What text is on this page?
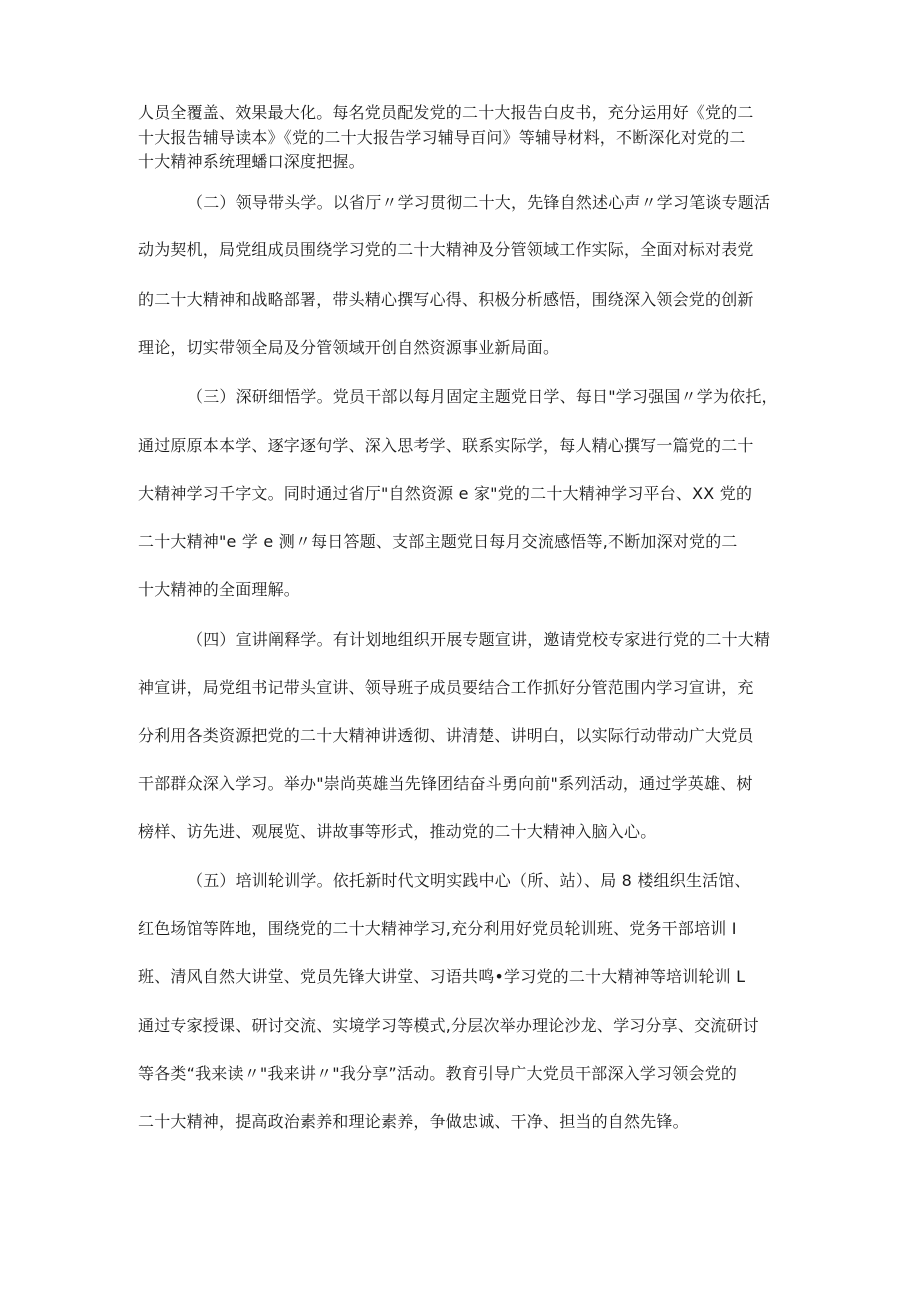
人员全覆盖、效果最大化。每名党员配发党的二十大报告白皮书，充分运用好《党的二
十大报告辅导读本》《党的二十大报告学习辅导百问》等辅导材料，不断深化对党的二
十大精神系统理蟠口深度把握。
（二）领导带头学。以省厅〃学习贯彻二十大，先锋自然述心声〃学习笔谈专题活
动为契机，局党组成员围绕学习党的二十大精神及分管领域工作实际，全面对标对表党
的二十大精神和战略部署，带头精心撰写心得、积极分析感悟，围绕深入领会党的创新
理论，切实带领全局及分管领域开创自然资源事业新局面。
（三）深研细悟学。党员干部以每月固定主题党日学、每日"学习强国〃学为依托，
通过原原本本学、逐字逐句学、深入思考学、联系实际学，每人精心撰写一篇党的二十
大精神学习千字文。同时通过省厅"自然资源 e 家"党的二十大精神学习平台、XX 党的
二十大精神"e 学 e 测〃每日答题、支部主题党日每月交流感悟等,不断加深对党的二
十大精神的全面理解。
（四）宣讲阐释学。有计划地组织开展专题宣讲，邀请党校专家进行党的二十大精
神宣讲，局党组书记带头宣讲、领导班子成员要结合工作抓好分管范围内学习宣讲，充
分利用各类资源把党的二十大精神讲透彻、讲清楚、讲明白，以实际行动带动广大党员
干部群众深入学习。举办"崇尚英雄当先锋团结奋斗勇向前"系列活动，通过学英雄、树
榜样、访先进、观展览、讲故事等形式，推动党的二十大精神入脑入心。
（五）培训轮训学。依托新时代文明实践中心（所、站）、局 8 楼组织生活馆、
红色场馆等阵地，围绕党的二十大精神学习,充分利用好党员轮训班、党务干部培训 I
班、清风自然大讲堂、党员先锋大讲堂、习语共鸣•学习党的二十大精神等培训轮训 L
通过专家授课、研讨交流、实境学习等模式,分层次举办理论沙龙、学习分享、交流研讨
等各类“我来读〃"我来讲〃"我分享”活动。教育引导广大党员干部深入学习领会党的
二十大精神，提高政治素养和理论素养，争做忠诚、干净、担当的自然先锋。
